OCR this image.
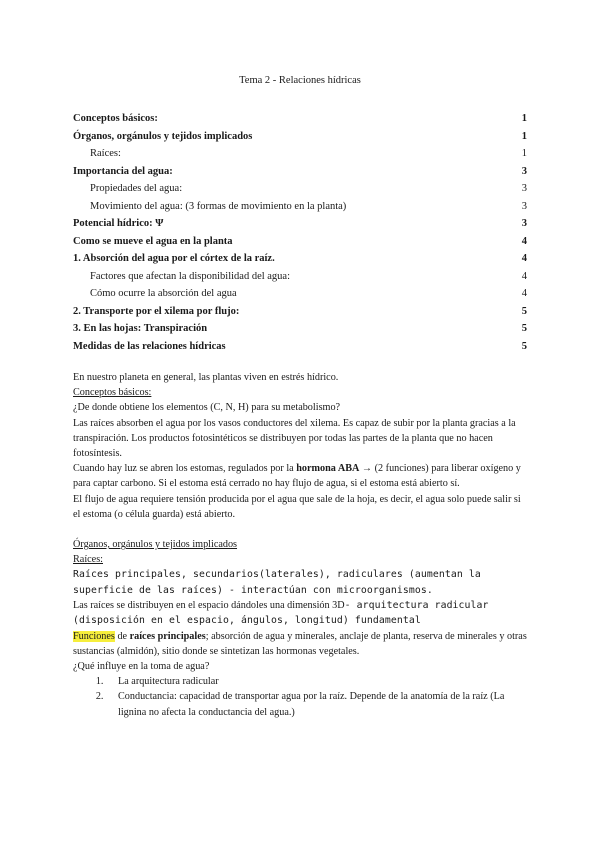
Tema 2 - Relaciones hídricas
Conceptos básicos:	1
Órganos, orgánulos y tejidos implicados	1
Raíces:	1
Importancia del agua:	3
Propiedades del agua:	3
Movimiento del agua: (3 formas de movimiento en la planta)	3
Potencial hídrico: Ψ	3
Como se mueve el agua en la planta	4
1. Absorción del agua por el córtex de la raíz.	4
Factores que afectan la disponibilidad del agua:	4
Cómo ocurre la absorción del agua	4
2. Transporte por el xilema por flujo:	5
3. En las hojas: Transpiración	5
Medidas de las relaciones hídricas	5

En nuestro planeta en general, las plantas viven en estrés hídrico.

Conceptos básicos:

¿De donde obtiene los elementos (C, N, H) para su metabolismo?

Las raíces absorben el agua por los vasos conductores del xilema. Es capaz de subir por la planta gracias a la transpiración. Los productos fotosintéticos se distribuyen por todas las partes de la planta que no hacen fotosíntesis.

Cuando hay luz se abren los estomas, regulados por la hormona ABA → (2 funciones) para liberar oxígeno y para captar carbono. Si el estoma está cerrado no hay flujo de agua, si el estoma está abierto sí.

El flujo de agua requiere tensión producida por el agua que sale de la hoja, es decir, el agua solo puede salir si el estoma (o célula guarda) está abierto.

Órganos, orgánulos y tejidos implicados

Raíces:

Raíces principales, secundarios(laterales), radiculares (aumentan la superficie de las raíces) - interactúan con microorganismos.

Las raíces se distribuyen en el espacio dándoles una dimensión 3D- arquitectura radicular (disposición en el espacio, ángulos, longitud) fundamental

Funciones de raíces principales; absorción de agua y minerales, anclaje de planta, reserva de minerales y otras sustancias (almidón), sitio donde se sintetizan las hormonas vegetales.

¿Qué influye en la toma de agua?

1. La arquitectura radicular
2. Conductancia: capacidad de transportar agua por la raíz. Depende de la anatomía de la raíz (La lignina no afecta la conductancia del agua.)
